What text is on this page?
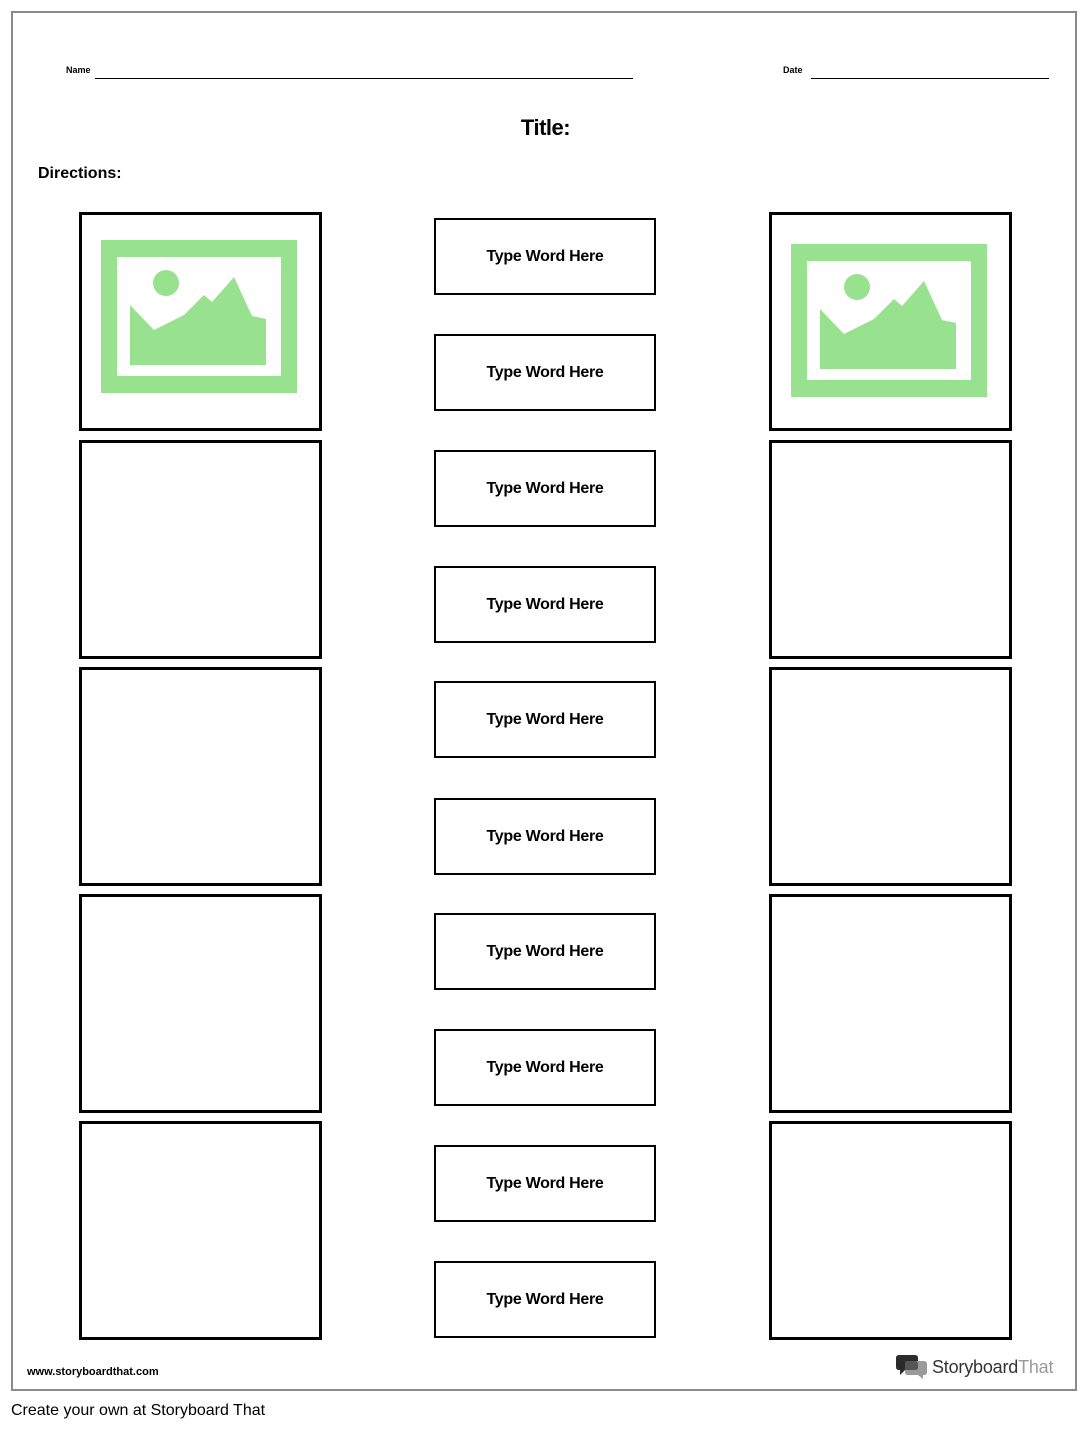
Name	Date
Title:
Directions:
Type Word Here
Type Word Here
Type Word Here
Type Word Here
Type Word Here
Type Word Here
Type Word Here
Type Word Here
Type Word Here
Type Word Here
www.storyboardthat.com	StoryboardThat
Create your own at Storyboard That
